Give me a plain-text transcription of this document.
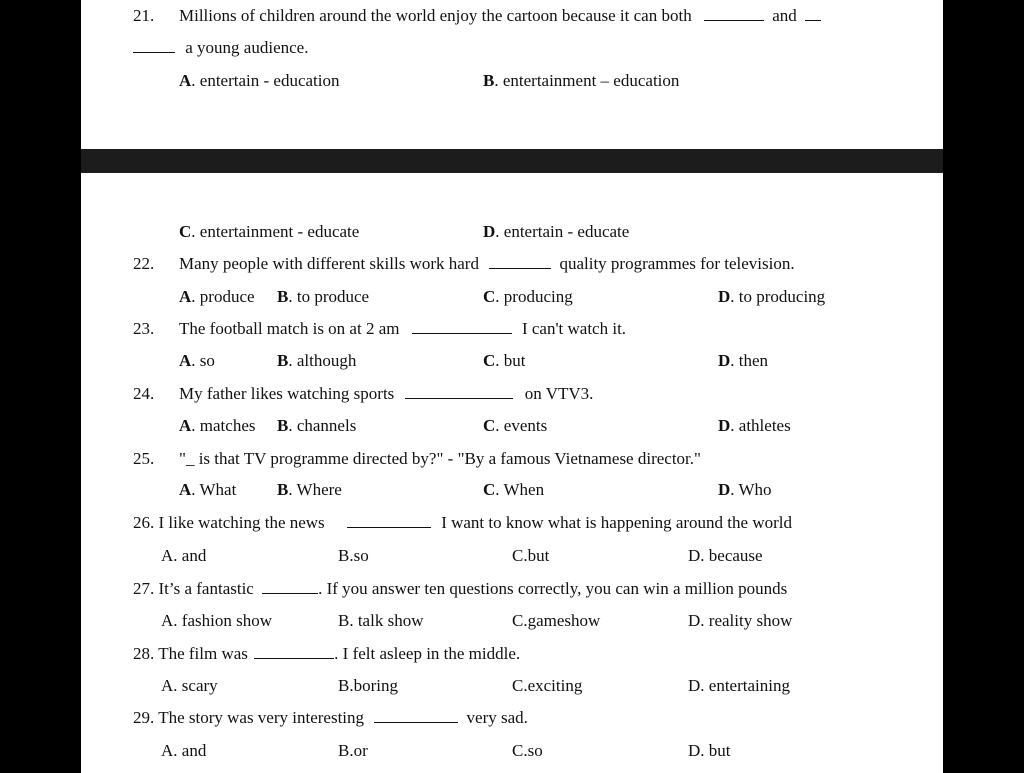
21. Millions of children around the world enjoy the cartoon because it can both	and
a young audience.
A. entertain - education	B. entertainment – education
C. entertainment - educate	D. entertain - educate
22. Many people with different skills work hard	quality programmes for television.
A. produce B. to produce	C. producing	D. to producing
23. The football match is on at 2 am	I can't watch it.
A. so	B. although	C. but	D. then
24. My father likes watching sports	on VTV3.
A. matches B. channels	C. events	D. athletes
25. "_ is that TV programme directed by?" - "By a famous Vietnamese director."
A. What B. Where	C. When	D. Who
26. I like watching the news	I want to know what is happening around the world
A. and	B.so	C.but	D. because
27. It’s a fantastic	. If you answer ten questions correctly, you can win a million pounds
A. fashion show	B. talk show	C.gameshow	D. reality show
28. The film was	. I felt asleep in the middle.
A. scary	B.boring	C.exciting	D. entertaining
29. The story was very interesting	very sad.
A. and	B.or	C.so	D. but
